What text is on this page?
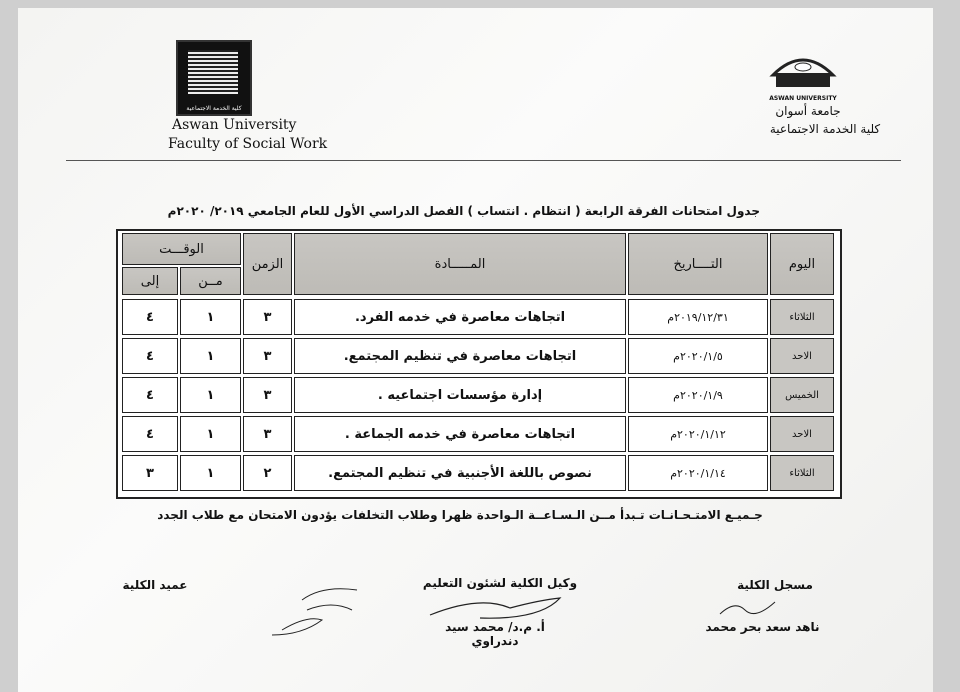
كلية الخدمة الاجتماعية
Aswan University
Faculty of Social Work
ASWAN UNIVERSITY
جامعة أسوان
كلية الخدمة الاجتماعية
جدول امتحانات الفرقة الرابعة ( انتظام . انتساب ) الفصل الدراسي الأول للعام الجامعي ٢٠١٩/ ٢٠٢٠م
اليوم
التــــاريخ
المـــــادة
الزمن
الوقـــت
مــن
إلى
الثلاثاء
٢٠١٩/١٢/٣١م
اتجاهات معاصرة في خدمه الفرد.
٣
١
٤
الاحد
٢٠٢٠/١/٥م
اتجاهات معاصرة في تنظيم المجتمع.
٣
١
٤
الخميس
٢٠٢٠/١/٩م
إدارة مؤسسات اجتماعيه .
٣
١
٤
الاحد
٢٠٢٠/١/١٢م
اتجاهات معاصرة في خدمه الجماعة .
٣
١
٤
الثلاثاء
٢٠٢٠/١/١٤م
نصوص باللغة الأجنبية في تنظيم المجتمع.
٢
١
٣
جـميـع الامتـحـانـات تـبدأ مــن الـسـاعــة الـواحدة ظهرا وطلاب التخلفات يؤدون الامتحان مع طلاب الجدد
مسجل الكلية
ناهد سعد بحر محمد
وكيل الكلية لشئون التعليم
أ. م.د/ محمد سيد دندراوي
عميد الكلية
